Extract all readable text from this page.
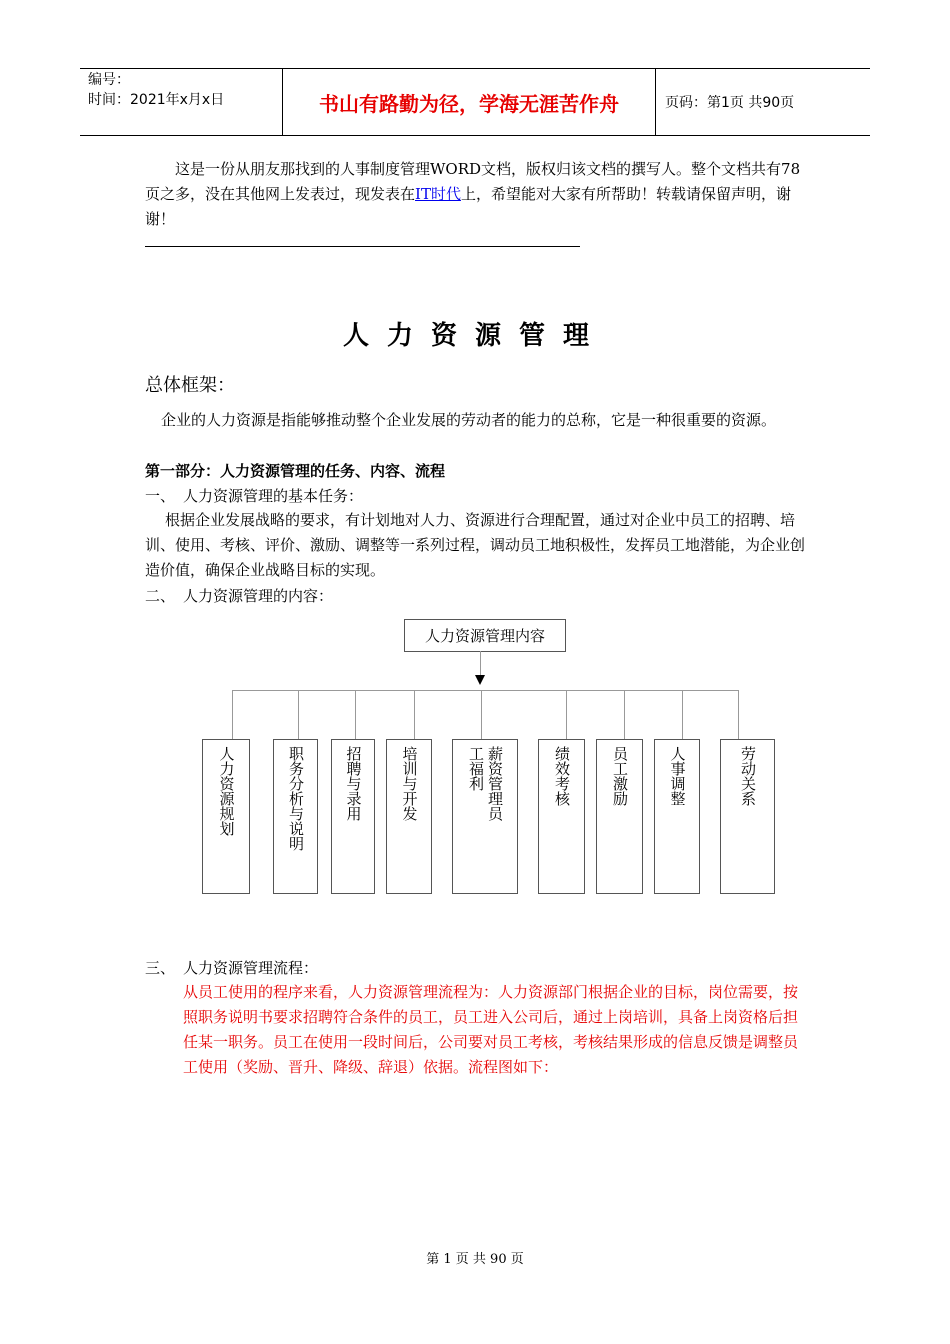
编号：
时间：2021年x月x日	书山有路勤为径，学海无涯苦作舟	页码：第1页 共90页
这是一份从朋友那找到的人事制度管理WORD文档，版权归该文档的撰写人。整个文档共有78页之多，没在其他网上发表过，现发表在IT时代上，希望能对大家有所帮助！转载请保留声明，谢谢！
人力资源管理
总体框架：
企业的人力资源是指能够推动整个企业发展的劳动者的能力的总称，它是一种很重要的资源。
第一部分：人力资源管理的任务、内容、流程
一、 人力资源管理的基本任务：
根据企业发展战略的要求，有计划地对人力、资源进行合理配置，通过对企业中员工的招聘、培训、使用、考核、评价、激励、调整等一系列过程，调动员工地积极性，发挥员工地潜能，为企业创造价值，确保企业战略目标的实现。
二、 人力资源管理的内容：
人力资源管理内容
人力资源规划	职务分析与说明	招聘与录用	培训与开发	薪资管理员工福利	绩效考核	员工激励	人事调整	劳动关系
三、 人力资源管理流程：
从员工使用的程序来看，人力资源管理流程为：人力资源部门根据企业的目标，岗位需要，按照职务说明书要求招聘符合条件的员工，员工进入公司后，通过上岗培训，具备上岗资格后担任某一职务。员工在使用一段时间后，公司要对员工考核，考核结果形成的信息反馈是调整员工使用（奖励、晋升、降级、辞退）依据。流程图如下：
第 1 页 共 90 页
